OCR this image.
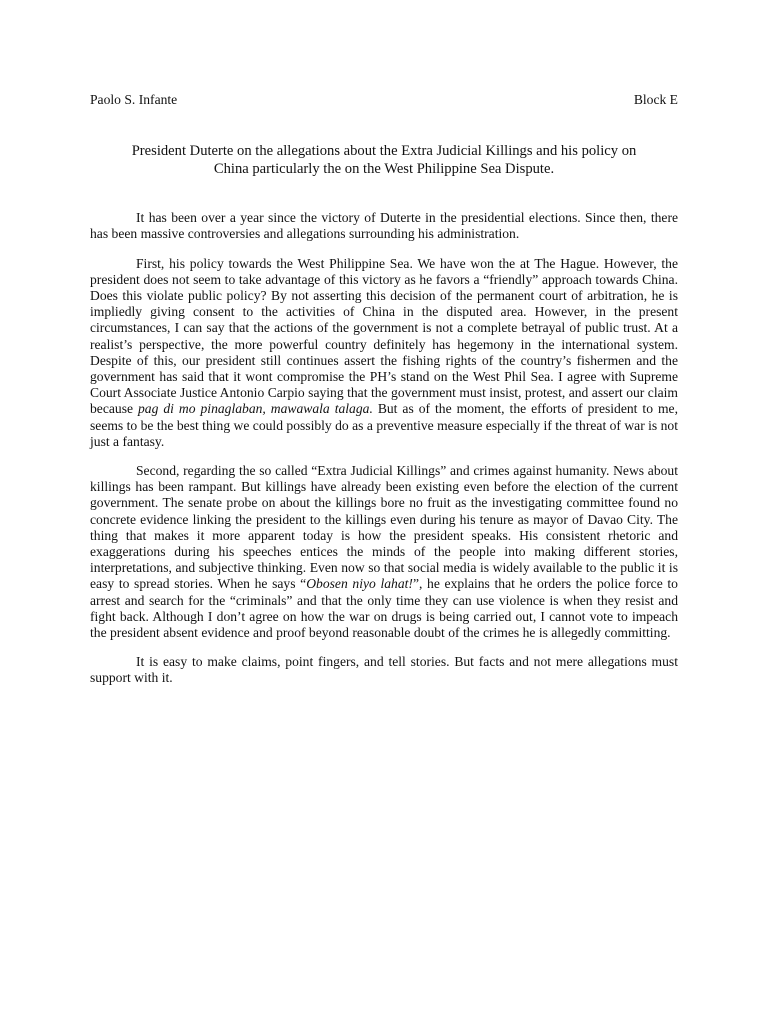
Paolo S. Infante	Block E
President Duterte on the allegations about the Extra Judicial Killings and his policy on China particularly the on the West Philippine Sea Dispute.

It has been over a year since the victory of Duterte in the presidential elections. Since then, there has been massive controversies and allegations surrounding his administration.

First, his policy towards the West Philippine Sea. We have won the at The Hague. However, the president does not seem to take advantage of this victory as he favors a “friendly” approach towards China. Does this violate public policy? By not asserting this decision of the permanent court of arbitration, he is impliedly giving consent to the activities of China in the disputed area. However, in the present circumstances, I can say that the actions of the government is not a complete betrayal of public trust. At a realist’s perspective, the more powerful country definitely has hegemony in the international system. Despite of this, our president still continues assert the fishing rights of the country’s fishermen and the government has said that it wont compromise the PH’s stand on the West Phil Sea. I agree with Supreme Court Associate Justice Antonio Carpio saying that the government must insist, protest, and assert our claim because pag di mo pinaglaban, mawawala talaga. But as of the moment, the efforts of president to me, seems to be the best thing we could possibly do as a preventive measure especially if the threat of war is not just a fantasy.

Second, regarding the so called “Extra Judicial Killings” and crimes against humanity. News about killings has been rampant. But killings have already been existing even before the election of the current government. The senate probe on about the killings bore no fruit as the investigating committee found no concrete evidence linking the president to the killings even during his tenure as mayor of Davao City. The thing that makes it more apparent today is how the president speaks. His consistent rhetoric and exaggerations during his speeches entices the minds of the people into making different stories, interpretations, and subjective thinking. Even now so that social media is widely available to the public it is easy to spread stories. When he says “Obosen niyo lahat!”, he explains that he orders the police force to arrest and search for the “criminals” and that the only time they can use violence is when they resist and fight back. Although I don’t agree on how the war on drugs is being carried out, I cannot vote to impeach the president absent evidence and proof beyond reasonable doubt of the crimes he is allegedly committing.

It is easy to make claims, point fingers, and tell stories. But facts and not mere allegations must support with it.
